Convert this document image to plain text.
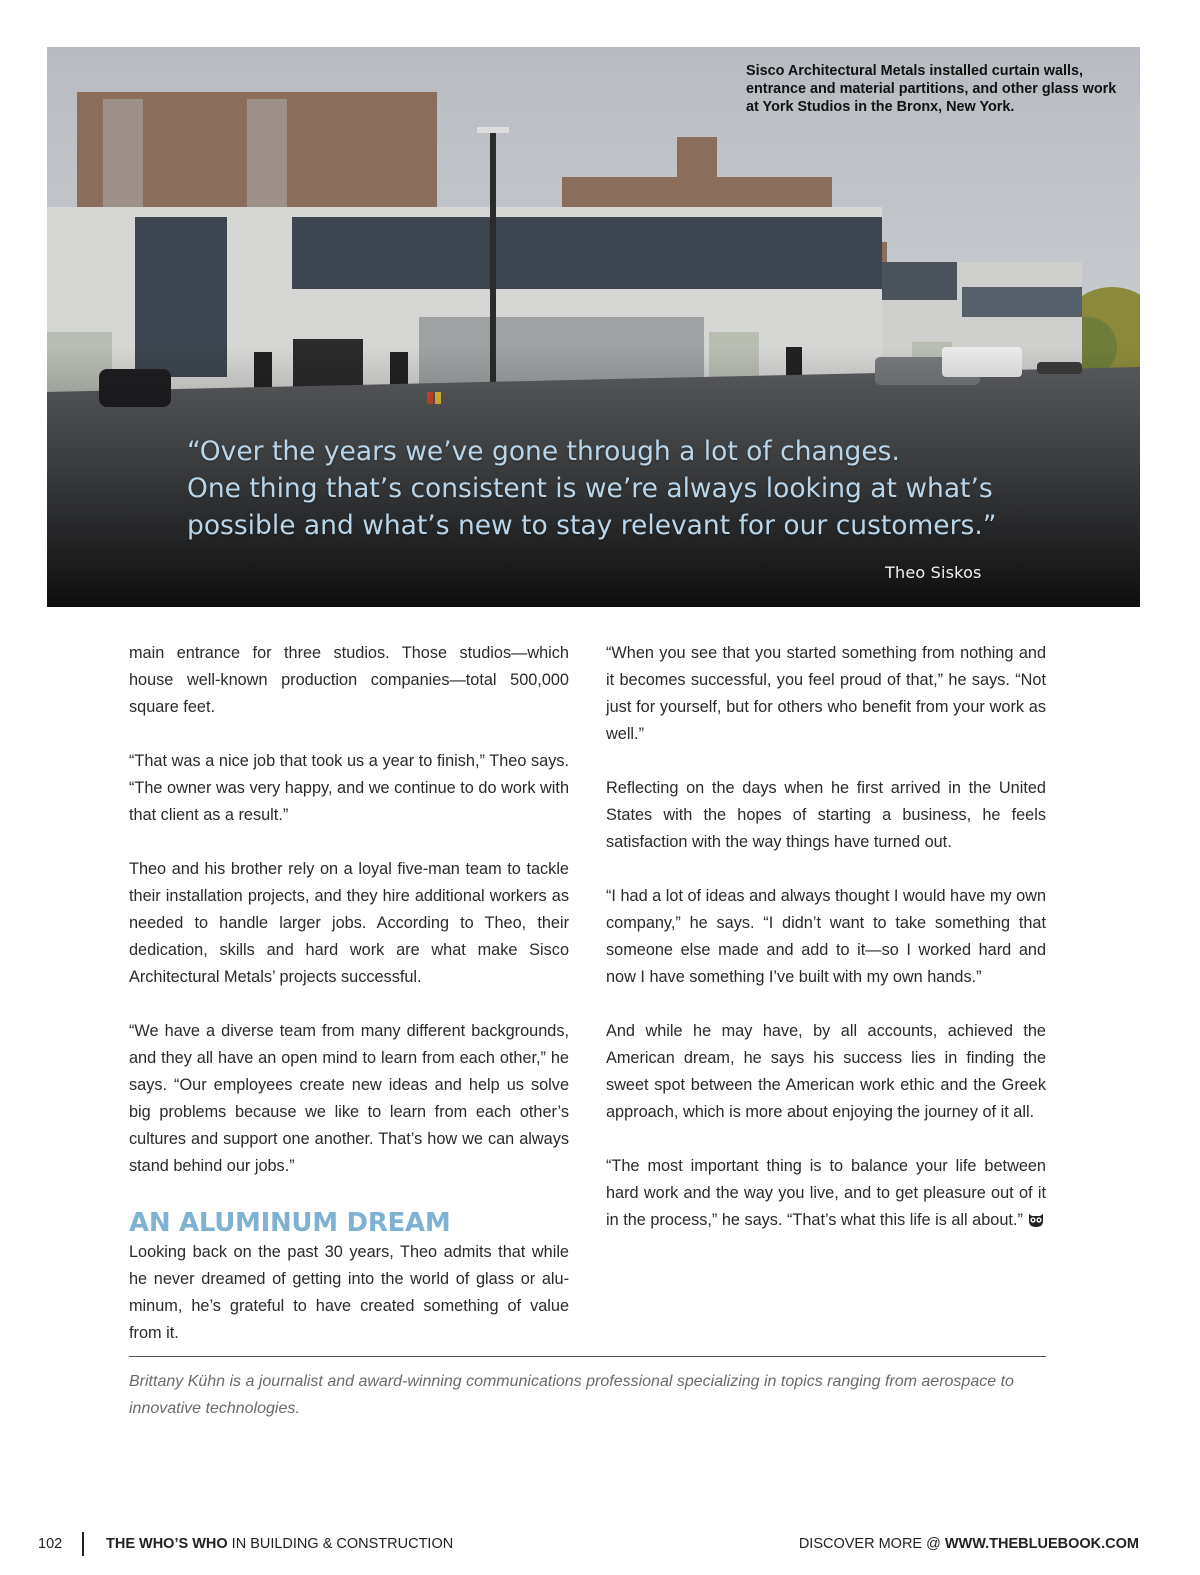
Sisco Architectural Metals installed curtain walls, entrance and material partitions, and other glass work at York Studios in the Bronx, New York.
“Over the years we’ve gone through a lot of changes.
One thing that’s consistent is we’re always looking at what’s
possible and what’s new to stay relevant for our customers.”
Theo Siskos

main entrance for three studios. Those studios—which house well-known production companies—total 500,000 square feet.

“That was a nice job that took us a year to finish,” Theo says. “The owner was very happy, and we continue to do work with that client as a result.”

Theo and his brother rely on a loyal five-man team to tackle their installation projects, and they hire additional workers as needed to handle larger jobs. According to Theo, their dedication, skills and hard work are what make Sisco Architectural Metals’ projects successful.

“We have a diverse team from many different backgrounds, and they all have an open mind to learn from each other,” he says. “Our employees create new ideas and help us solve big problems because we like to learn from each other’s cultures and support one another. That’s how we can always stand behind our jobs.”

AN ALUMINUM DREAM

Looking back on the past 30 years, Theo admits that while he never dreamed of getting into the world of glass or aluminum, he’s grateful to have created something of value from it.

“When you see that you started something from nothing and it becomes successful, you feel proud of that,” he says. “Not just for yourself, but for others who benefit from your work as well.”

Reflecting on the days when he first arrived in the United States with the hopes of starting a business, he feels satisfaction with the way things have turned out.

“I had a lot of ideas and always thought I would have my own company,” he says. “I didn’t want to take something that someone else made and add to it—so I worked hard and now I have something I’ve built with my own hands.”

And while he may have, by all accounts, achieved the American dream, he says his success lies in finding the sweet spot between the American work ethic and the Greek approach, which is more about enjoying the journey of it all.

“The most important thing is to balance your life between hard work and the way you live, and to get pleasure out of it in the process,” he says. “That’s what this life is all about.”

Brittany Kühn is a journalist and award-winning communications professional specializing in topics ranging from aerospace to innovative technologies.

102	THE WHO’S WHO IN BUILDING & CONSTRUCTION	DISCOVER MORE @ WWW.THEBLUEBOOK.COM
